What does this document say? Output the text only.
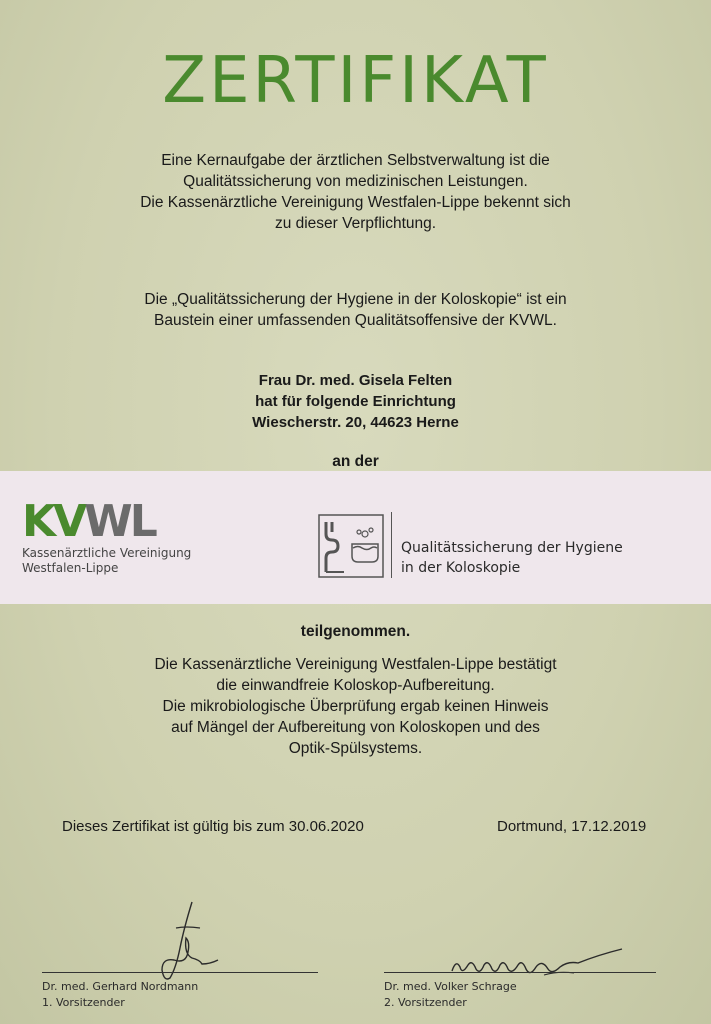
ZERTIFIKAT

Eine Kernaufgabe der ärztlichen Selbstverwaltung ist die

Qualitätssicherung von medizinischen Leistungen.

Die Kassenärztliche Vereinigung Westfalen-Lippe bekennt sich

zu dieser Verpflichtung.

Die „Qualitätssicherung der Hygiene in der Koloskopie“ ist ein

Baustein einer umfassenden Qualitätsoffensive der KVWL.

Frau Dr. med. Gisela Felten

hat für folgende Einrichtung

Wiescherstr. 20, 44623 Herne

an der

KVWL

Kassenärztliche Vereinigung

Westfalen-Lippe

Qualitätssicherung der Hygiene

in der Koloskopie

teilgenommen.

Die Kassenärztliche Vereinigung Westfalen-Lippe bestätigt

die einwandfreie Koloskop-Aufbereitung.

Die mikrobiologische Überprüfung ergab keinen Hinweis

auf Mängel der Aufbereitung von Koloskopen und des

Optik-Spülsystems.

Dieses Zertifikat ist gültig bis zum 30.06.2020	Dortmund, 17.12.2019

Dr. med. Gerhard Nordmann

1. Vorsitzender

Dr. med. Volker Schrage

2. Vorsitzender
